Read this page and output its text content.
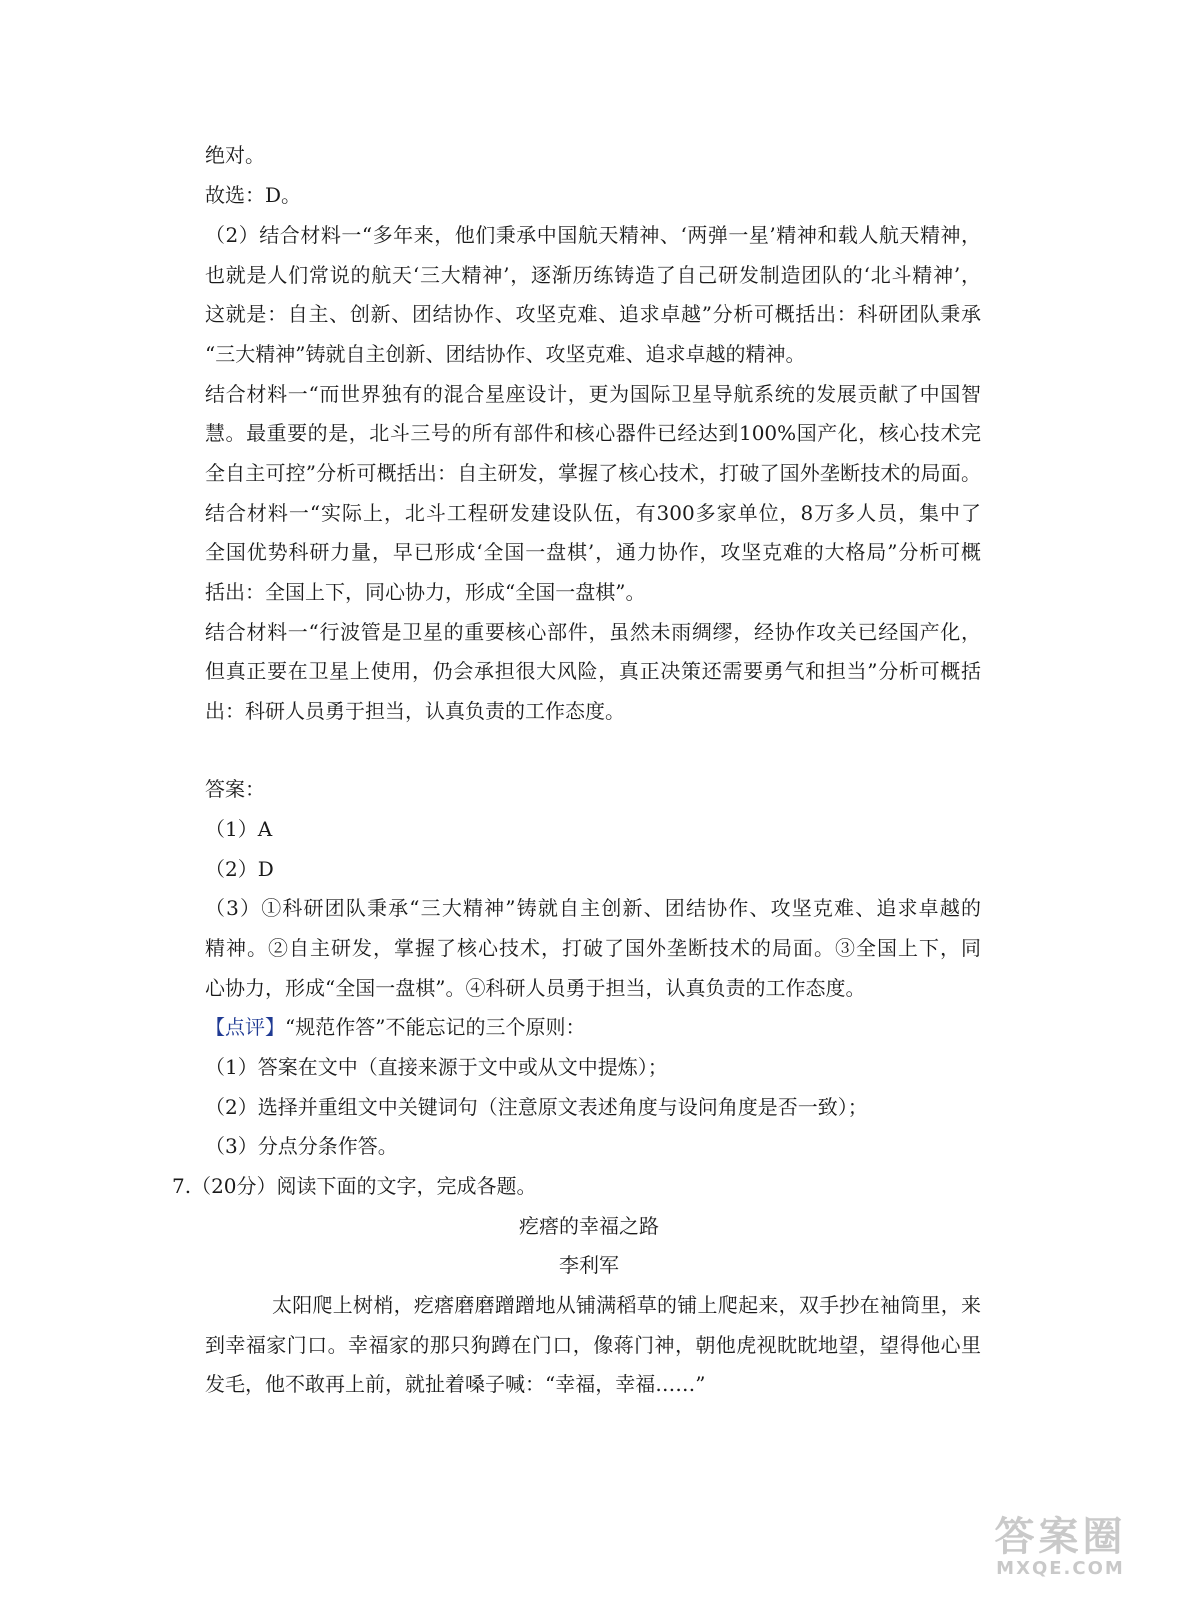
绝对。
故选：D。
（2）结合材料一“多年来，他们秉承中国航天精神、‘两弹一星’精神和载人航天精神，
也就是人们常说的航天‘三大精神’，逐渐历练铸造了自己研发制造团队的‘北斗精神’，
这就是：自主、创新、团结协作、攻坚克难、追求卓越”分析可概括出：科研团队秉承
“三大精神”铸就自主创新、团结协作、攻坚克难、追求卓越的精神。
结合材料一“而世界独有的混合星座设计，更为国际卫星导航系统的发展贡献了中国智
慧。最重要的是，北斗三号的所有部件和核心器件已经达到100%国产化，核心技术完
全自主可控”分析可概括出：自主研发，掌握了核心技术，打破了国外垄断技术的局面。
结合材料一“实际上，北斗工程研发建设队伍，有300多家单位，8万多人员，集中了
全国优势科研力量，早已形成‘全国一盘棋’，通力协作，攻坚克难的大格局”分析可概
括出：全国上下，同心协力，形成“全国一盘棋”。
结合材料一“行波管是卫星的重要核心部件，虽然未雨绸缪，经协作攻关已经国产化，
但真正要在卫星上使用，仍会承担很大风险，真正决策还需要勇气和担当”分析可概括
出：科研人员勇于担当，认真负责的工作态度。
答案：
（1）A
（2）D
（3）①科研团队秉承“三大精神”铸就自主创新、团结协作、攻坚克难、追求卓越的
精神。②自主研发，掌握了核心技术，打破了国外垄断技术的局面。③全国上下，同
心协力，形成“全国一盘棋”。④科研人员勇于担当，认真负责的工作态度。
【点评】“规范作答”不能忘记的三个原则：
（1）答案在文中（直接来源于文中或从文中提炼）；
（2）选择并重组文中关键词句（注意原文表述角度与设问角度是否一致）；
（3）分点分条作答。
7.（20分）阅读下面的文字，完成各题。
疙瘩的幸福之路
李利军
太阳爬上树梢，疙瘩磨磨蹭蹭地从铺满稻草的铺上爬起来，双手抄在袖筒里，来
到幸福家门口。幸福家的那只狗蹲在门口，像蒋门神，朝他虎视眈眈地望，望得他心里
发毛，他不敢再上前，就扯着嗓子喊：“幸福，幸福……”
答案圈
MXQE.COM
